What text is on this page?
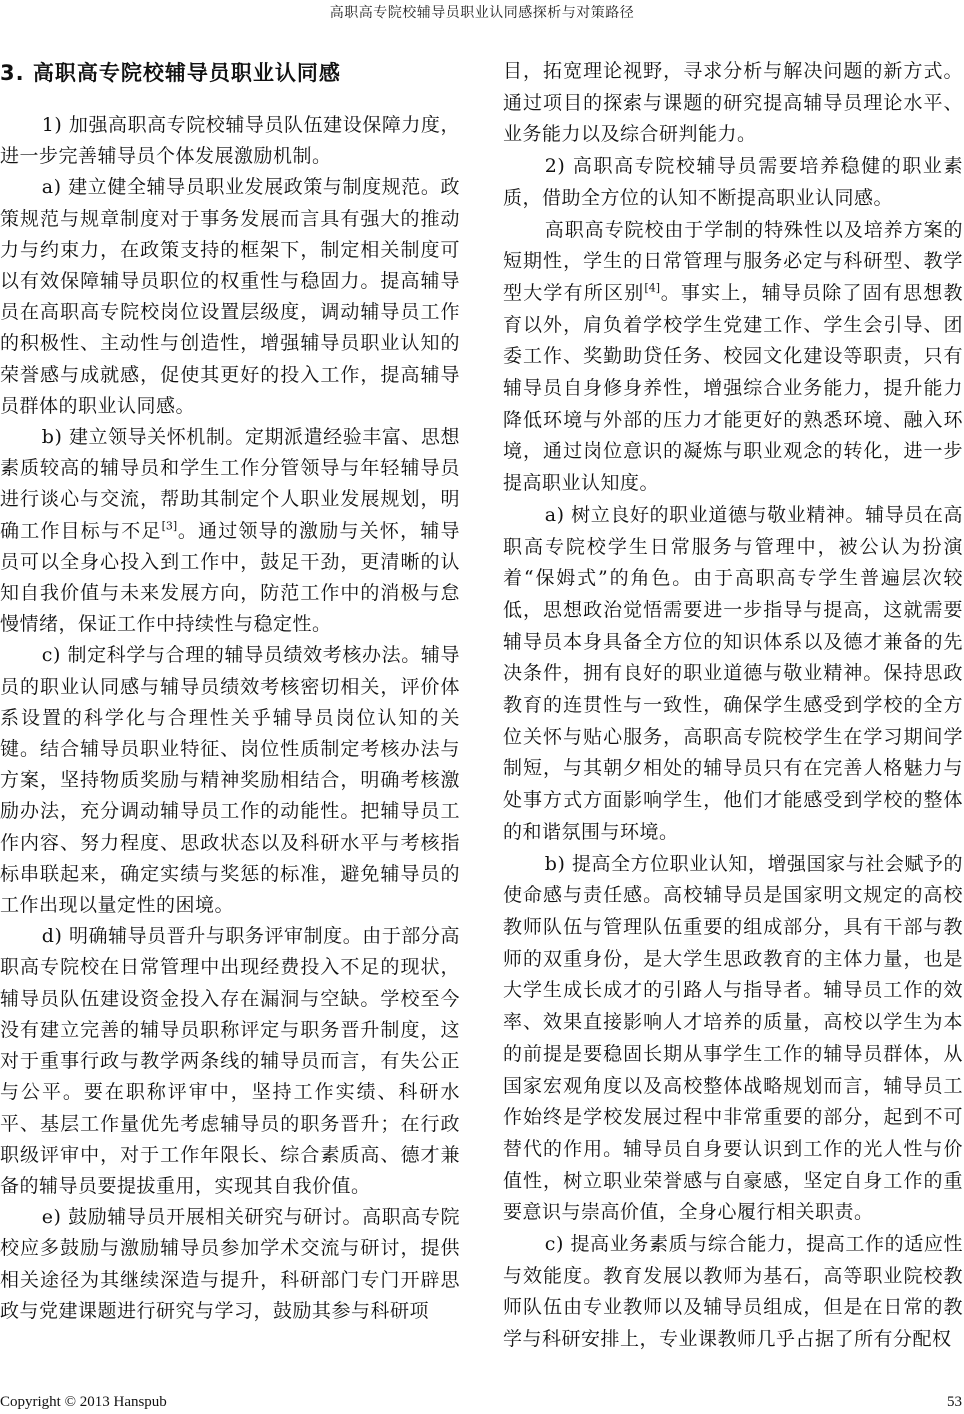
高职高专院校辅导员职业认同感探析与对策路径
3. 高职高专院校辅导员职业认同感

1) 加强高职高专院校辅导员队伍建设保障力度，进一步完善辅导员个体发展激励机制。

a) 建立健全辅导员职业发展政策与制度规范。政策规范与规章制度对于事务发展而言具有强大的推动力与约束力，在政策支持的框架下，制定相关制度可以有效保障辅导员职位的权重性与稳固力。提高辅导员在高职高专院校岗位设置层级度，调动辅导员工作的积极性、主动性与创造性，增强辅导员职业认知的荣誉感与成就感，促使其更好的投入工作，提高辅导员群体的职业认同感。

b) 建立领导关怀机制。定期派遣经验丰富、思想素质较高的辅导员和学生工作分管领导与年轻辅导员进行谈心与交流，帮助其制定个人职业发展规划，明确工作目标与不足[3]。通过领导的激励与关怀，辅导员可以全身心投入到工作中，鼓足干劲，更清晰的认知自我价值与未来发展方向，防范工作中的消极与怠慢情绪，保证工作中持续性与稳定性。

c) 制定科学与合理的辅导员绩效考核办法。辅导员的职业认同感与辅导员绩效考核密切相关，评价体系设置的科学化与合理性关乎辅导员岗位认知的关键。结合辅导员职业特征、岗位性质制定考核办法与方案，坚持物质奖励与精神奖励相结合，明确考核激励办法，充分调动辅导员工作的动能性。把辅导员工作内容、努力程度、思政状态以及科研水平与考核指标串联起来，确定实绩与奖惩的标准，避免辅导员的工作出现以量定性的困境。

d) 明确辅导员晋升与职务评审制度。由于部分高职高专院校在日常管理中出现经费投入不足的现状，辅导员队伍建设资金投入存在漏洞与空缺。学校至今没有建立完善的辅导员职称评定与职务晋升制度，这对于重事行政与教学两条线的辅导员而言，有失公正与公平。要在职称评审中，坚持工作实绩、科研水平、基层工作量优先考虑辅导员的职务晋升；在行政职级评审中，对于工作年限长、综合素质高、德才兼备的辅导员要提拔重用，实现其自我价值。

e) 鼓励辅导员开展相关研究与研讨。高职高专院校应多鼓励与激励辅导员参加学术交流与研讨，提供相关途径为其继续深造与提升，科研部门专门开辟思政与党建课题进行研究与学习，鼓励其参与科研项

目，拓宽理论视野，寻求分析与解决问题的新方式。通过项目的探索与课题的研究提高辅导员理论水平、业务能力以及综合研判能力。

2) 高职高专院校辅导员需要培养稳健的职业素质，借助全方位的认知不断提高职业认同感。

高职高专院校由于学制的特殊性以及培养方案的短期性，学生的日常管理与服务必定与科研型、教学型大学有所区别[4]。事实上，辅导员除了固有思想教育以外，肩负着学校学生党建工作、学生会引导、团委工作、奖勤助贷任务、校园文化建设等职责，只有辅导员自身修身养性，增强综合业务能力，提升能力降低环境与外部的压力才能更好的熟悉环境、融入环境，通过岗位意识的凝炼与职业观念的转化，进一步提高职业认知度。

a) 树立良好的职业道德与敬业精神。辅导员在高职高专院校学生日常服务与管理中，被公认为扮演着“保姆式”的角色。由于高职高专学生普遍层次较低，思想政治觉悟需要进一步指导与提高，这就需要辅导员本身具备全方位的知识体系以及德才兼备的先决条件，拥有良好的职业道德与敬业精神。保持思政教育的连贯性与一致性，确保学生感受到学校的全方位关怀与贴心服务，高职高专院校学生在学习期间学制短，与其朝夕相处的辅导员只有在完善人格魅力与处事方式方面影响学生，他们才能感受到学校的整体的和谐氛围与环境。

b) 提高全方位职业认知，增强国家与社会赋予的使命感与责任感。高校辅导员是国家明文规定的高校教师队伍与管理队伍重要的组成部分，具有干部与教师的双重身份，是大学生思政教育的主体力量，也是大学生成长成才的引路人与指导者。辅导员工作的效率、效果直接影响人才培养的质量，高校以学生为本的前提是要稳固长期从事学生工作的辅导员群体，从国家宏观角度以及高校整体战略规划而言，辅导员工作始终是学校发展过程中非常重要的部分，起到不可替代的作用。辅导员自身要认识到工作的光人性与价值性，树立职业荣誉感与自豪感，坚定自身工作的重要意识与崇高价值，全身心履行相关职责。

c) 提高业务素质与综合能力，提高工作的适应性与效能度。教育发展以教师为基石，高等职业院校教师队伍由专业教师以及辅导员组成，但是在日常的教学与科研安排上，专业课教师几乎占据了所有分配权

Copyright © 2013 Hanspub	53
